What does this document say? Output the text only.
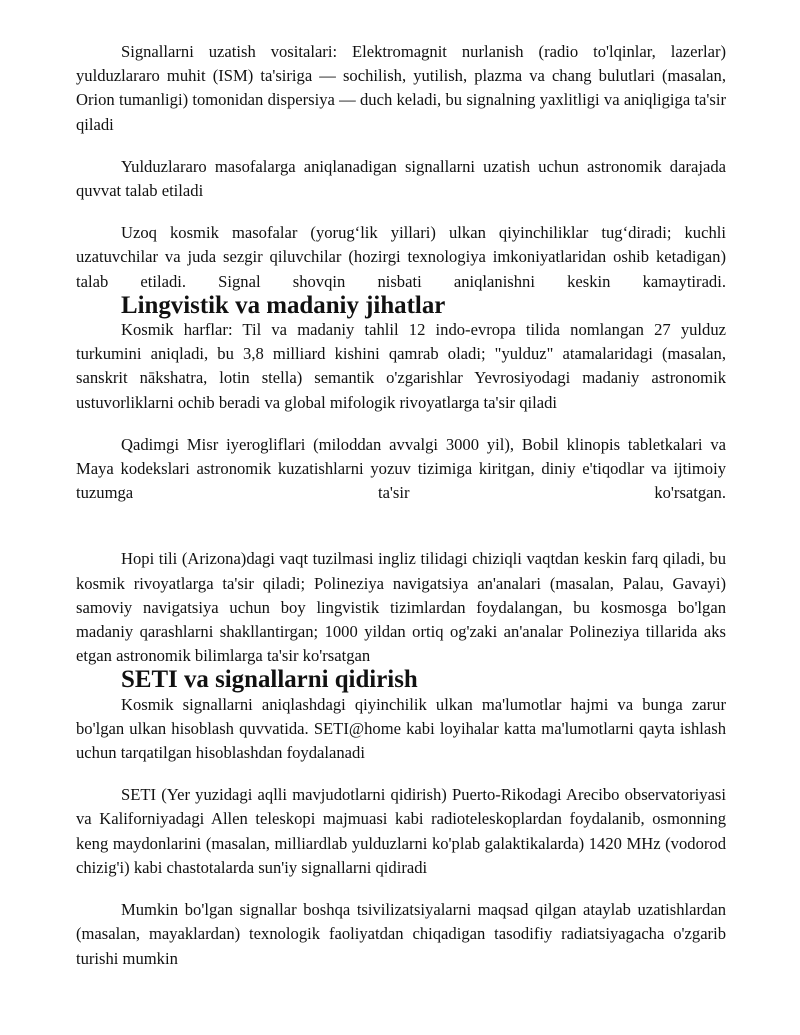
Signallarni uzatish vositalari: Elektromagnit nurlanish (radio to'lqinlar, lazerlar) yulduzlararo muhit (ISM) ta'siriga — sochilish, yutilish, plazma va chang bulutlari (masalan, Orion tumanligi) tomonidan dispersiya — duch keladi, bu signalning yaxlitligi va aniqligiga ta'sir qiladi

Yulduzlararo masofalarga aniqlanadigan signallarni uzatish uchun astronomik darajada quvvat talab etiladi

Uzoq kosmik masofalar (yorug‘lik yillari) ulkan qiyinchiliklar tug‘diradi; kuchli uzatuvchilar va juda sezgir qiluvchilar (hozirgi texnologiya imkoniyatlaridan oshib ketadigan) talab etiladi. Signal shovqin nisbati aniqlanishni keskin kamaytiradi.

Lingvistik va madaniy jihatlar

Kosmik harflar: Til va madaniy tahlil 12 indo-evropa tilida nomlangan 27 yulduz turkumini aniqladi, bu 3,8 milliard kishini qamrab oladi; "yulduz" atamalaridagi (masalan, sanskrit nākshatra, lotin stella) semantik o'zgarishlar Yevrosiyodagi madaniy astronomik ustuvorliklarni ochib beradi va global mifologik rivoyatlarga ta'sir qiladi

Qadimgi Misr iyerogliflari (miloddan avvalgi 3000 yil), Bobil klinopis tabletkalari va Maya kodekslari astronomik kuzatishlarni yozuv tizimiga kiritgan, diniy e'tiqodlar va ijtimoiy tuzumga ta'sir ko'rsatgan.

Hopi tili (Arizona)dagi vaqt tuzilmasi ingliz tilidagi chiziqli vaqtdan keskin farq qiladi, bu kosmik rivoyatlarga ta'sir qiladi; Polineziya navigatsiya an'analari (masalan, Palau, Gavayi) samoviy navigatsiya uchun boy lingvistik tizimlardan foydalangan, bu kosmosga bo'lgan madaniy qarashlarni shakllantirgan; 1000 yildan ortiq og'zaki an'analar Polineziya tillarida aks etgan astronomik bilimlarga ta'sir ko'rsatgan

SETI va signallarni qidirish

Kosmik signallarni aniqlashdagi qiyinchilik ulkan ma'lumotlar hajmi va bunga zarur bo'lgan ulkan hisoblash quvvatida. SETI@home kabi loyihalar katta ma'lumotlarni qayta ishlash uchun tarqatilgan hisoblashdan foydalanadi

SETI (Yer yuzidagi aqlli mavjudotlarni qidirish) Puerto-Rikodagi Arecibo observatoriyasi va Kaliforniyadagi Allen teleskopi majmuasi kabi radioteleskoplardan foydalanib, osmonning keng maydonlarini (masalan, milliardlab yulduzlarni ko'plab galaktikalarda) 1420 MHz (vodorod chizig'i) kabi chastotalarda sun'iy signallarni qidiradi

Mumkin bo'lgan signallar boshqa tsivilizatsiyalarni maqsad qilgan ataylab uzatishlardan (masalan, mayaklardan) texnologik faoliyatdan chiqadigan tasodifiy radiatsiyagacha o'zgarib turishi mumkin
